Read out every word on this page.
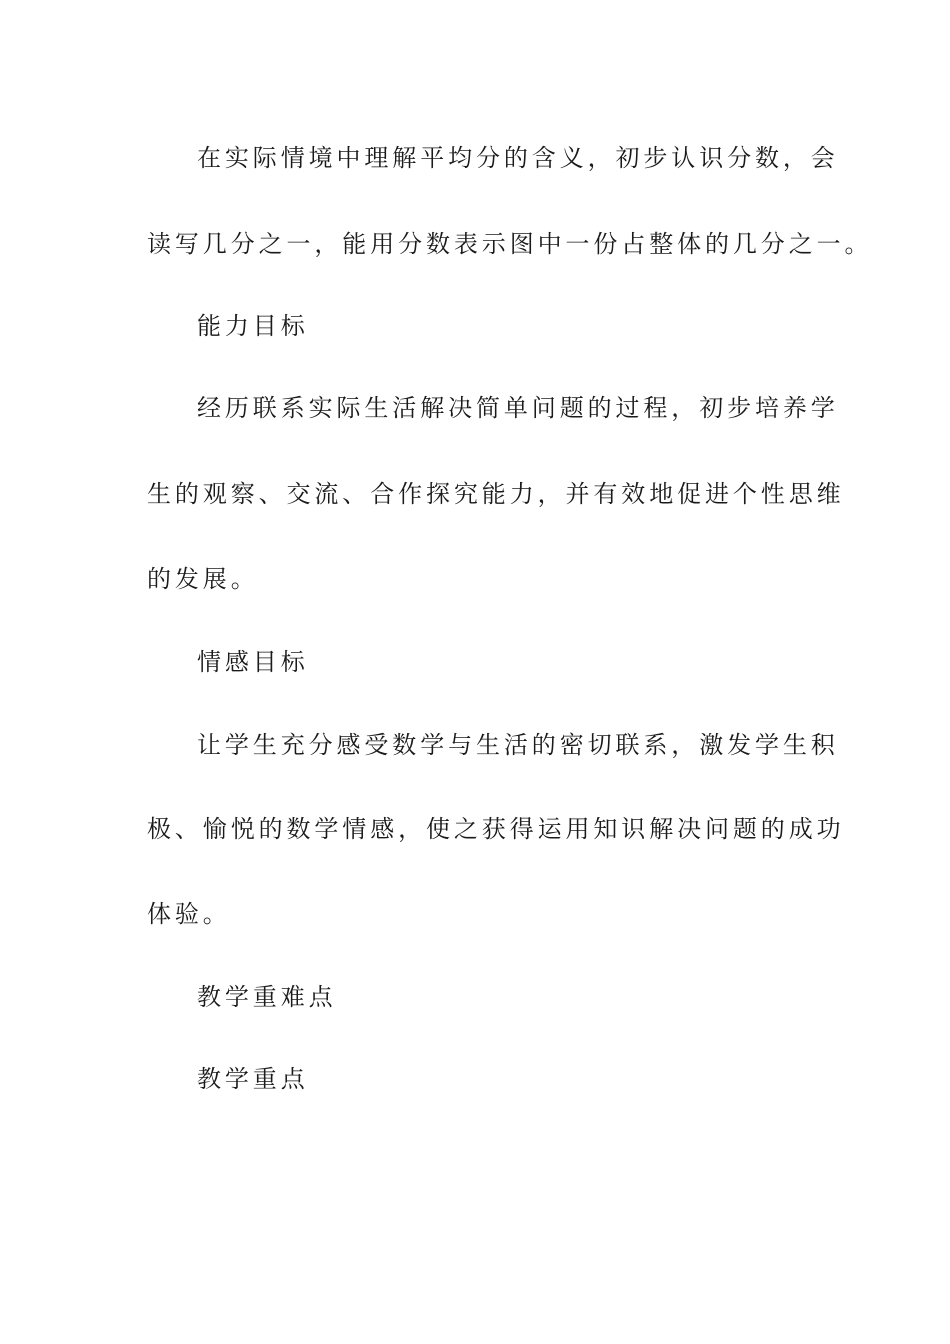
在实际情境中理解平均分的含义，初步认识分数，会
读写几分之一，能用分数表示图中一份占整体的几分之一。
能力目标
经历联系实际生活解决简单问题的过程，初步培养学
生的观察、交流、合作探究能力，并有效地促进个性思维
的发展。
情感目标
让学生充分感受数学与生活的密切联系，激发学生积
极、愉悦的数学情感，使之获得运用知识解决问题的成功
体验。
教学重难点
教学重点
